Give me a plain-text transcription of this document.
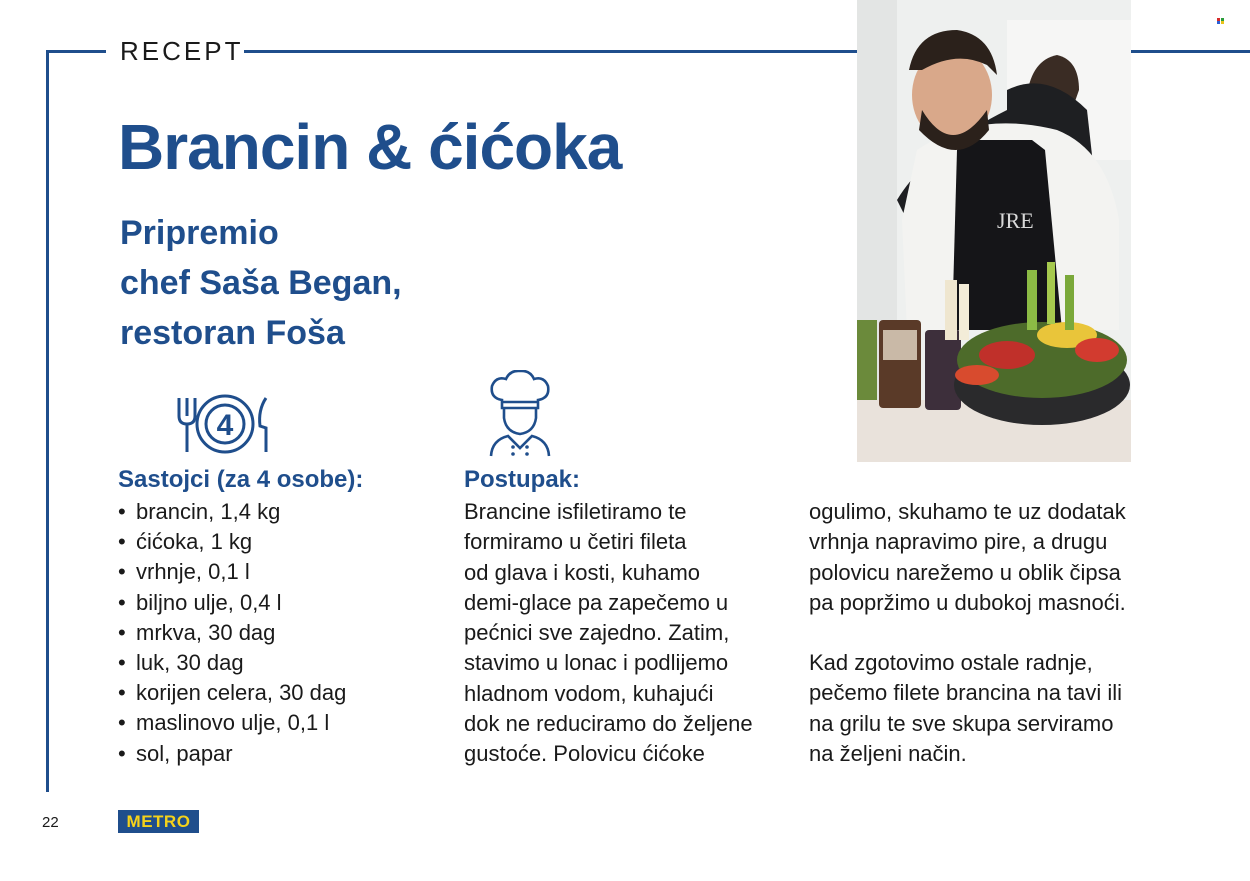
RECEPT
Brancin & ćićoka
Pripremio
chef Saša Began,
restoran Foša
JRE
4
Sastojci (za 4 osobe):
• brancin, 1,4 kg
• ćićoka, 1 kg
• vrhnje, 0,1 l
• biljno ulje, 0,4 l
• mrkva, 30 dag
• luk, 30 dag
• korijen celera, 30 dag
• maslinovo ulje, 0,1 l
• sol, papar
Postupak:
Brancine isfiletiramo te
formiramo u četiri fileta
od glava i kosti, kuhamo
demi-glace pa zapečemo u
pećnici sve zajedno. Zatim,
stavimo u lonac i podlijemo
hladnom vodom, kuhajući
dok ne reduciramo do željene
gustoće. Polovicu ćićoke

ogulimo, skuhamo te uz dodatak
vrhnja napravimo pire, a drugu
polovicu narežemo u oblik čipsa
pa popržimo u dubokoj masnoći.

Kad zgotovimo ostale radnje,
pečemo filete brancina na tavi ili
na grilu te sve skupa serviramo
na željeni način.

22	METRO
